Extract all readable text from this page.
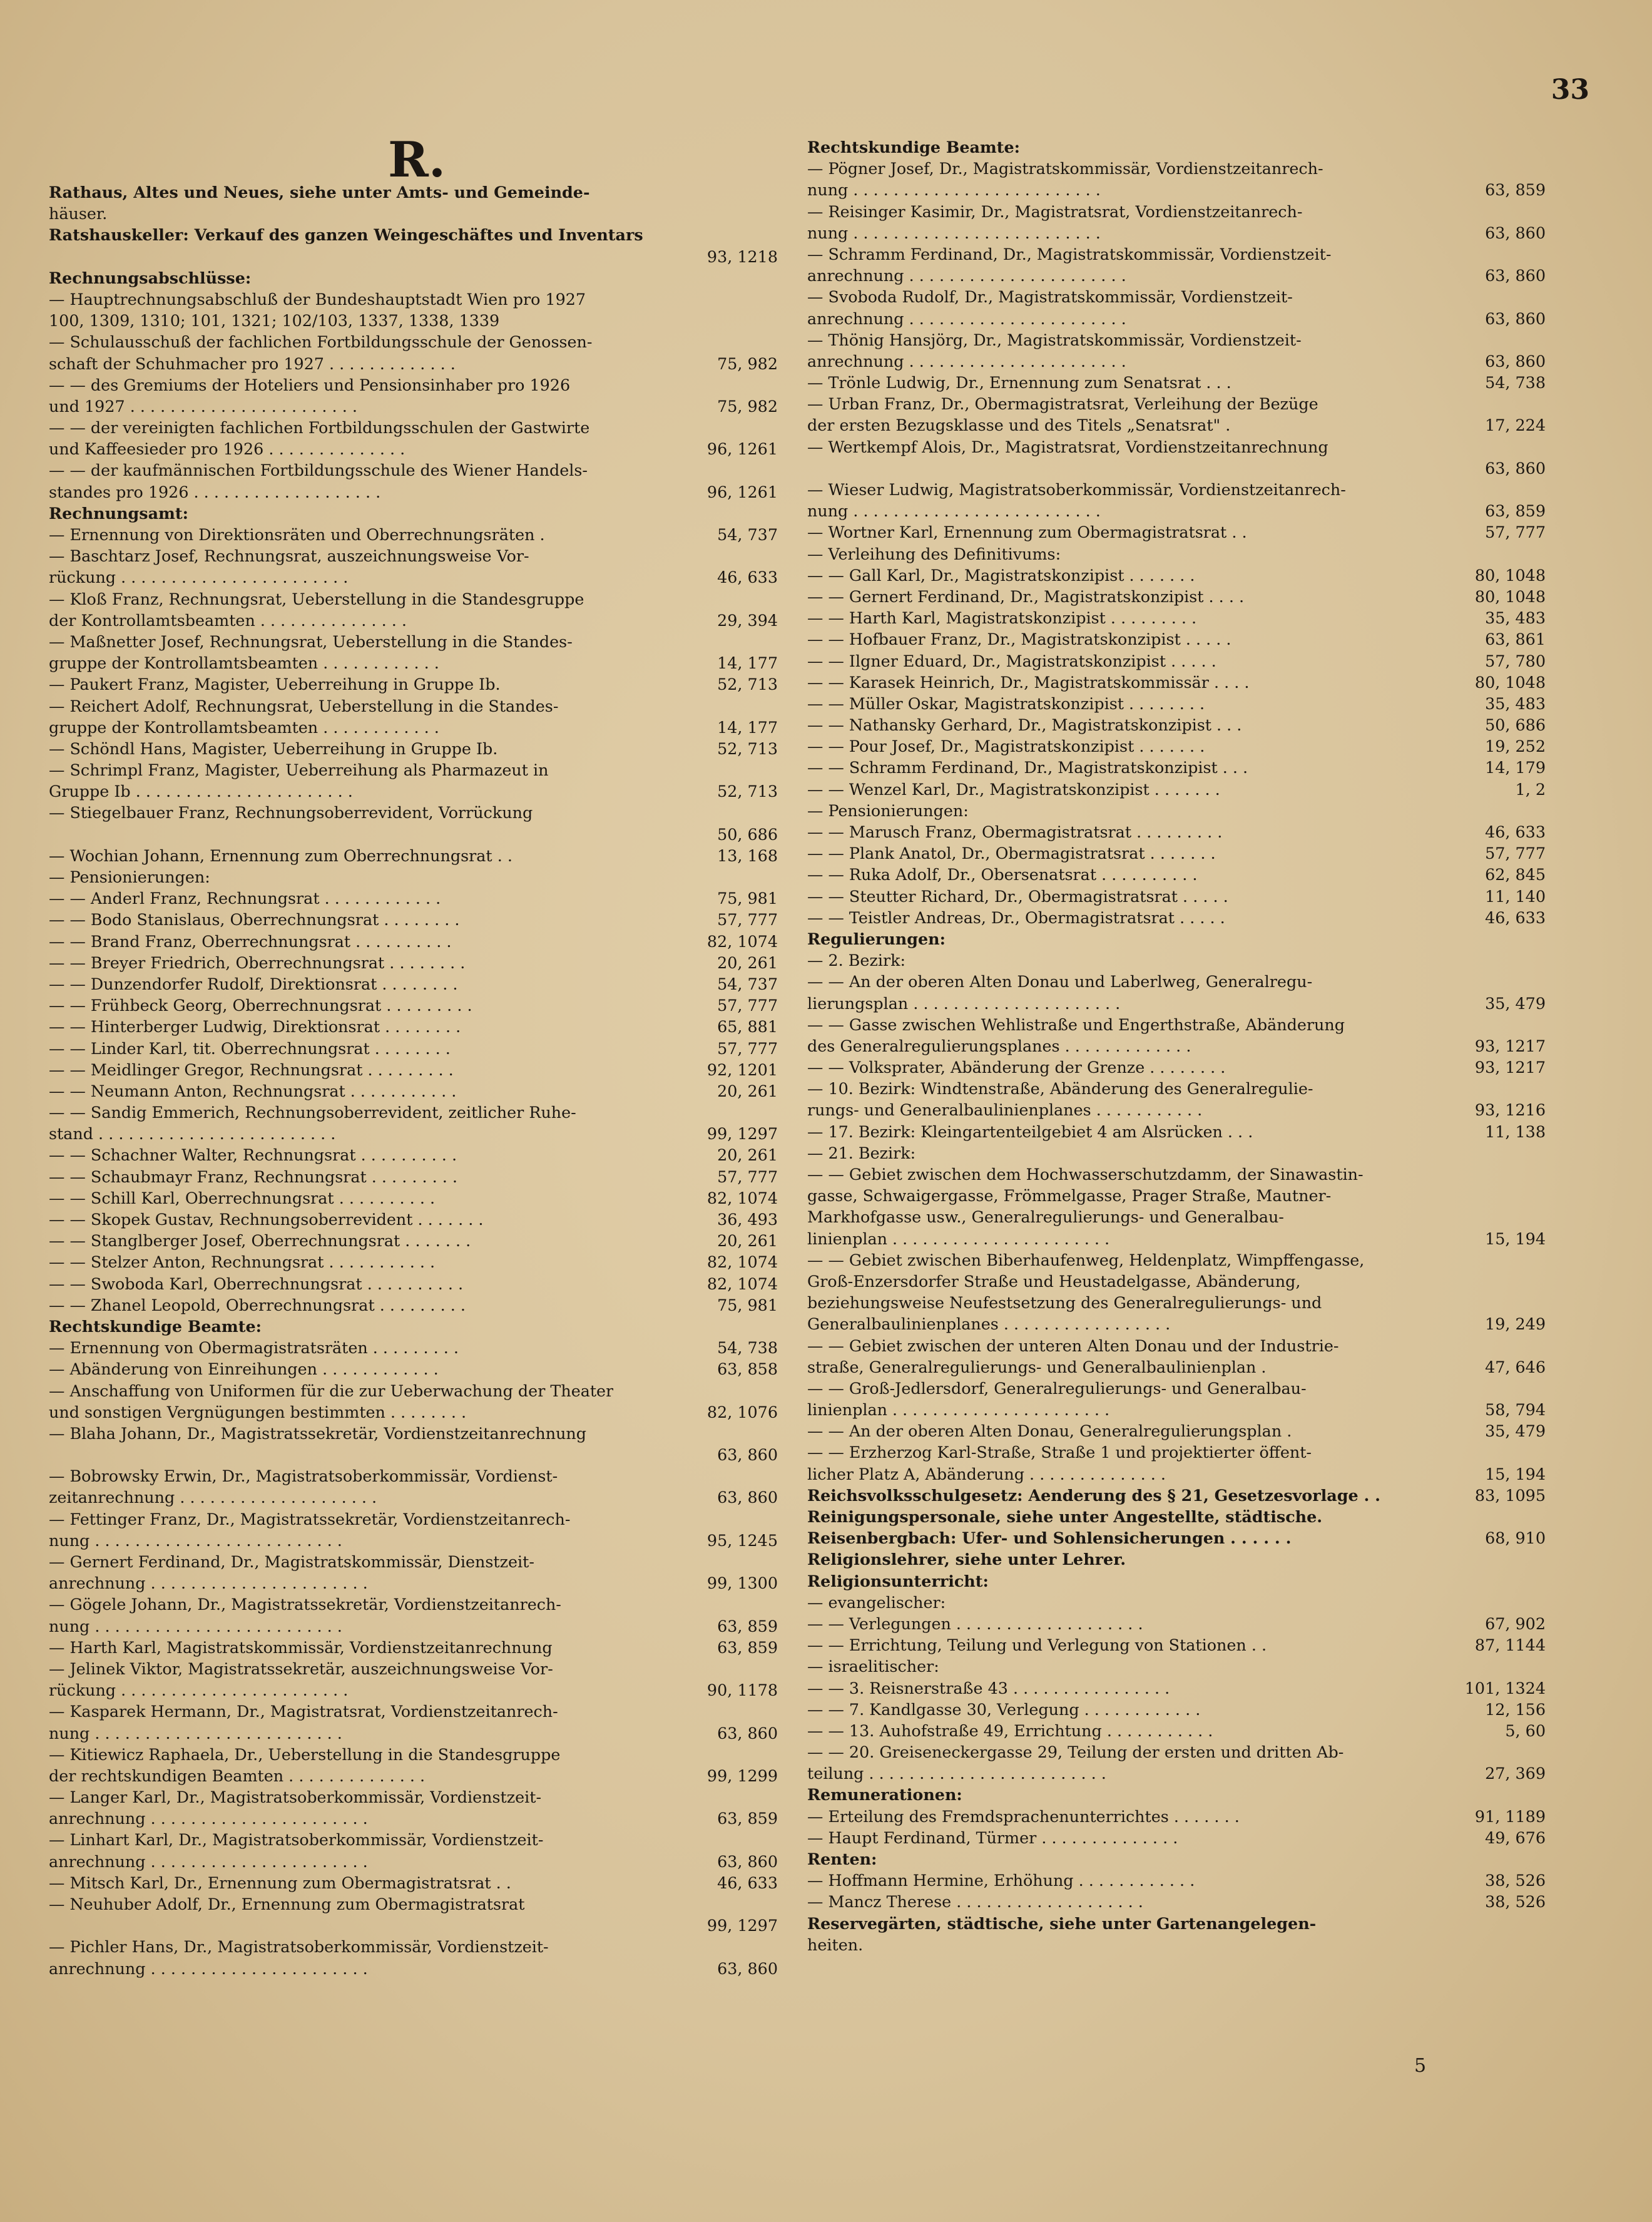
33
R.
Rathaus, Altes und Neues, siehe unter Amts- und Gemeinde-
häuser.
Ratshauskeller: Verkauf des ganzen Weingeschäftes und Inventars
93, 1218
Rechnungsabschlüsse:
— Hauptrechnungsabschluß der Bundeshauptstadt Wien pro 1927
100, 1309, 1310; 101, 1321; 102/103, 1337, 1338, 1339
— Schulausschuß der fachlichen Fortbildungsschule der Genossen-
schaft der Schuhmacher pro 1927 . . . . . . . . . . . . .	75, 982
— — des Gremiums der Hoteliers und Pensionsinhaber pro 1926
und 1927 . . . . . . . . . . . . . . . . . . . . . . .	75, 982
— — der vereinigten fachlichen Fortbildungsschulen der Gastwirte
und Kaffeesieder pro 1926 . . . . . . . . . . . . . .	96, 1261
— — der kaufmännischen Fortbildungsschule des Wiener Handels-
standes pro 1926 . . . . . . . . . . . . . . . . . . .	96, 1261
Rechnungsamt:
— Ernennung von Direktionsräten und Oberrechnungsräten .	54, 737
— Baschtarz Josef, Rechnungsrat, auszeichnungsweise Vor-
rückung . . . . . . . . . . . . . . . . . . . . . . .	46, 633
— Kloß Franz, Rechnungsrat, Ueberstellung in die Standesgruppe
der Kontrollamtsbeamten . . . . . . . . . . . . . . .	29, 394
— Maßnetter Josef, Rechnungsrat, Ueberstellung in die Standes-
gruppe der Kontrollamtsbeamten . . . . . . . . . . . .	14, 177
— Paukert Franz, Magister, Ueberreihung in Gruppe Ib.	52, 713
— Reichert Adolf, Rechnungsrat, Ueberstellung in die Standes-
gruppe der Kontrollamtsbeamten . . . . . . . . . . . .	14, 177
— Schöndl Hans, Magister, Ueberreihung in Gruppe Ib.	52, 713
— Schrimpl Franz, Magister, Ueberreihung als Pharmazeut in
Gruppe Ib . . . . . . . . . . . . . . . . . . . . . .	52, 713
— Stiegelbauer Franz, Rechnungsoberrevident, Vorrückung
50, 686
— Wochian Johann, Ernennung zum Oberrechnungsrat . .	13, 168
— Pensionierungen:
— — Anderl Franz, Rechnungsrat . . . . . . . . . . . .	75, 981
— — Bodo Stanislaus, Oberrechnungsrat . . . . . . . .	57, 777
— — Brand Franz, Oberrechnungsrat . . . . . . . . . .	82, 1074
— — Breyer Friedrich, Oberrechnungsrat . . . . . . . .	20, 261
— — Dunzendorfer Rudolf, Direktionsrat . . . . . . . .	54, 737
— — Frühbeck Georg, Oberrechnungsrat . . . . . . . . .	57, 777
— — Hinterberger Ludwig, Direktionsrat . . . . . . . .	65, 881
— — Linder Karl, tit. Oberrechnungsrat . . . . . . . .	57, 777
— — Meidlinger Gregor, Rechnungsrat . . . . . . . . .	92, 1201
— — Neumann Anton, Rechnungsrat . . . . . . . . . . .	20, 261
— — Sandig Emmerich, Rechnungsoberrevident, zeitlicher Ruhe-
stand . . . . . . . . . . . . . . . . . . . . . . . .	99, 1297
— — Schachner Walter, Rechnungsrat . . . . . . . . . .	20, 261
— — Schaubmayr Franz, Rechnungsrat . . . . . . . . .	57, 777
— — Schill Karl, Oberrechnungsrat . . . . . . . . . .	82, 1074
— — Skopek Gustav, Rechnungsoberrevident . . . . . . .	36, 493
— — Stanglberger Josef, Oberrechnungsrat . . . . . . .	20, 261
— — Stelzer Anton, Rechnungsrat . . . . . . . . . . .	82, 1074
— — Swoboda Karl, Oberrechnungsrat . . . . . . . . . .	82, 1074
— — Zhanel Leopold, Oberrechnungsrat . . . . . . . . .	75, 981
Rechtskundige Beamte:
— Ernennung von Obermagistratsräten . . . . . . . . .	54, 738
— Abänderung von Einreihungen . . . . . . . . . . . .	63, 858
— Anschaffung von Uniformen für die zur Ueberwachung der Theater
und sonstigen Vergnügungen bestimmten . . . . . . . .	82, 1076
— Blaha Johann, Dr., Magistratssekretär, Vordienstzeitanrechnung
63, 860
— Bobrowsky Erwin, Dr., Magistratsoberkommissär, Vordienst-
zeitanrechnung . . . . . . . . . . . . . . . . . . . .	63, 860
— Fettinger Franz, Dr., Magistratssekretär, Vordienstzeitanrech-
nung . . . . . . . . . . . . . . . . . . . . . . . . .	95, 1245
— Gernert Ferdinand, Dr., Magistratskommissär, Dienstzeit-
anrechnung . . . . . . . . . . . . . . . . . . . . . .	99, 1300
— Gögele Johann, Dr., Magistratssekretär, Vordienstzeitanrech-
nung . . . . . . . . . . . . . . . . . . . . . . . . .	63, 859
— Harth Karl, Magistratskommissär, Vordienstzeitanrechnung	63, 859
— Jelinek Viktor, Magistratssekretär, auszeichnungsweise Vor-
rückung . . . . . . . . . . . . . . . . . . . . . . .	90, 1178
— Kasparek Hermann, Dr., Magistratsrat, Vordienstzeitanrech-
nung . . . . . . . . . . . . . . . . . . . . . . . . .	63, 860
— Kitiewicz Raphaela, Dr., Ueberstellung in die Standesgruppe
der rechtskundigen Beamten . . . . . . . . . . . . . .	99, 1299
— Langer Karl, Dr., Magistratsoberkommissär, Vordienstzeit-
anrechnung . . . . . . . . . . . . . . . . . . . . . .	63, 859
— Linhart Karl, Dr., Magistratsoberkommissär, Vordienstzeit-
anrechnung . . . . . . . . . . . . . . . . . . . . . .	63, 860
— Mitsch Karl, Dr., Ernennung zum Obermagistratsrat . .	46, 633
— Neuhuber Adolf, Dr., Ernennung zum Obermagistratsrat
99, 1297
— Pichler Hans, Dr., Magistratsoberkommissär, Vordienstzeit-
anrechnung . . . . . . . . . . . . . . . . . . . . . .	63, 860
Rechtskundige Beamte:
— Pögner Josef, Dr., Magistratskommissär, Vordienstzeitanrech-
nung . . . . . . . . . . . . . . . . . . . . . . . . .	63, 859
— Reisinger Kasimir, Dr., Magistratsrat, Vordienstzeitanrech-
nung . . . . . . . . . . . . . . . . . . . . . . . . .	63, 860
— Schramm Ferdinand, Dr., Magistratskommissär, Vordienstzeit-
anrechnung . . . . . . . . . . . . . . . . . . . . . .	63, 860
— Svoboda Rudolf, Dr., Magistratskommissär, Vordienstzeit-
anrechnung . . . . . . . . . . . . . . . . . . . . . .	63, 860
— Thönig Hansjörg, Dr., Magistratskommissär, Vordienstzeit-
anrechnung . . . . . . . . . . . . . . . . . . . . . .	63, 860
— Trönle Ludwig, Dr., Ernennung zum Senatsrat . . .	54, 738
— Urban Franz, Dr., Obermagistratsrat, Verleihung der Bezüge
der ersten Bezugsklasse und des Titels „Senatsrat" .	17, 224
— Wertkempf Alois, Dr., Magistratsrat, Vordienstzeitanrechnung
63, 860
— Wieser Ludwig, Magistratsoberkommissär, Vordienstzeitanrech-
nung . . . . . . . . . . . . . . . . . . . . . . . . .	63, 859
— Wortner Karl, Ernennung zum Obermagistratsrat . .	57, 777
— Verleihung des Definitivums:
— — Gall Karl, Dr., Magistratskonzipist . . . . . . .	80, 1048
— — Gernert Ferdinand, Dr., Magistratskonzipist . . . .	80, 1048
— — Harth Karl, Magistratskonzipist . . . . . . . . .	35, 483
— — Hofbauer Franz, Dr., Magistratskonzipist . . . . .	63, 861
— — Ilgner Eduard, Dr., Magistratskonzipist . . . . .	57, 780
— — Karasek Heinrich, Dr., Magistratskommissär . . . .	80, 1048
— — Müller Oskar, Magistratskonzipist . . . . . . . .	35, 483
— — Nathansky Gerhard, Dr., Magistratskonzipist . . .	50, 686
— — Pour Josef, Dr., Magistratskonzipist . . . . . . .	19, 252
— — Schramm Ferdinand, Dr., Magistratskonzipist . . .	14, 179
— — Wenzel Karl, Dr., Magistratskonzipist . . . . . . .	1, 2
— Pensionierungen:
— — Marusch Franz, Obermagistratsrat . . . . . . . . .	46, 633
— — Plank Anatol, Dr., Obermagistratsrat . . . . . . .	57, 777
— — Ruka Adolf, Dr., Obersenatsrat . . . . . . . . . .	62, 845
— — Steutter Richard, Dr., Obermagistratsrat . . . . .	11, 140
— — Teistler Andreas, Dr., Obermagistratsrat . . . . .	46, 633
Regulierungen:
— 2. Bezirk:
— — An der oberen Alten Donau und Laberlweg, Generalregu-
lierungsplan . . . . . . . . . . . . . . . . . . . . .	35, 479
— — Gasse zwischen Wehlistraße und Engerthstraße, Abänderung
des Generalregulierungsplanes . . . . . . . . . . . . .	93, 1217
— — Volksprater, Abänderung der Grenze . . . . . . . .	93, 1217
— 10. Bezirk: Windtenstraße, Abänderung des Generalregulie-
rungs- und Generalbaulinienplanes . . . . . . . . . . .	93, 1216
— 17. Bezirk: Kleingartenteilgebiet 4 am Alsrücken . . .	11, 138
— 21. Bezirk:
— — Gebiet zwischen dem Hochwasserschutzdamm, der Sinawastin-
gasse, Schwaigergasse, Frömmelgasse, Prager Straße, Mautner-
Markhofgasse usw., Generalregulierungs- und Generalbau-
linienplan . . . . . . . . . . . . . . . . . . . . . .	15, 194
— — Gebiet zwischen Biberhaufenweg, Heldenplatz, Wimpffengasse,
Groß-Enzersdorfer Straße und Heustadelgasse, Abänderung,
beziehungsweise Neufestsetzung des Generalregulierungs- und
Generalbaulinienplanes . . . . . . . . . . . . . . . . .	19, 249
— — Gebiet zwischen der unteren Alten Donau und der Industrie-
straße, Generalregulierungs- und Generalbaulinienplan .	47, 646
— — Groß-Jedlersdorf, Generalregulierungs- und Generalbau-
linienplan . . . . . . . . . . . . . . . . . . . . . .	58, 794
— — An der oberen Alten Donau, Generalregulierungsplan .	35, 479
— — Erzherzog Karl-Straße, Straße 1 und projektierter öffent-
licher Platz A, Abänderung . . . . . . . . . . . . . .	15, 194
Reichsvolksschulgesetz: Aenderung des § 21, Gesetzesvorlage . .	83, 1095
Reinigungspersonale, siehe unter Angestellte, städtische.
Reisenbergbach: Ufer- und Sohlensicherungen . . . . . .	68, 910
Religionslehrer, siehe unter Lehrer.
Religionsunterricht:
— evangelischer:
— — Verlegungen . . . . . . . . . . . . . . . . . . .	67, 902
— — Errichtung, Teilung und Verlegung von Stationen . .	87, 1144
— israelitischer:
— — 3. Reisnerstraße 43 . . . . . . . . . . . . . . . .	101, 1324
— — 7. Kandlgasse 30, Verlegung . . . . . . . . . . . .	12, 156
— — 13. Auhofstraße 49, Errichtung . . . . . . . . . . .	5, 60
— — 20. Greiseneckergasse 29, Teilung der ersten und dritten Ab-
teilung . . . . . . . . . . . . . . . . . . . . . . . .	27, 369
Remunerationen:
— Erteilung des Fremdsprachenunterrichtes . . . . . . .	91, 1189
— Haupt Ferdinand, Türmer . . . . . . . . . . . . . .	49, 676
Renten:
— Hoffmann Hermine, Erhöhung . . . . . . . . . . . .	38, 526
— Mancz Therese . . . . . . . . . . . . . . . . . . .	38, 526
Reservegärten, städtische, siehe unter Gartenangelegen-
heiten.
5
